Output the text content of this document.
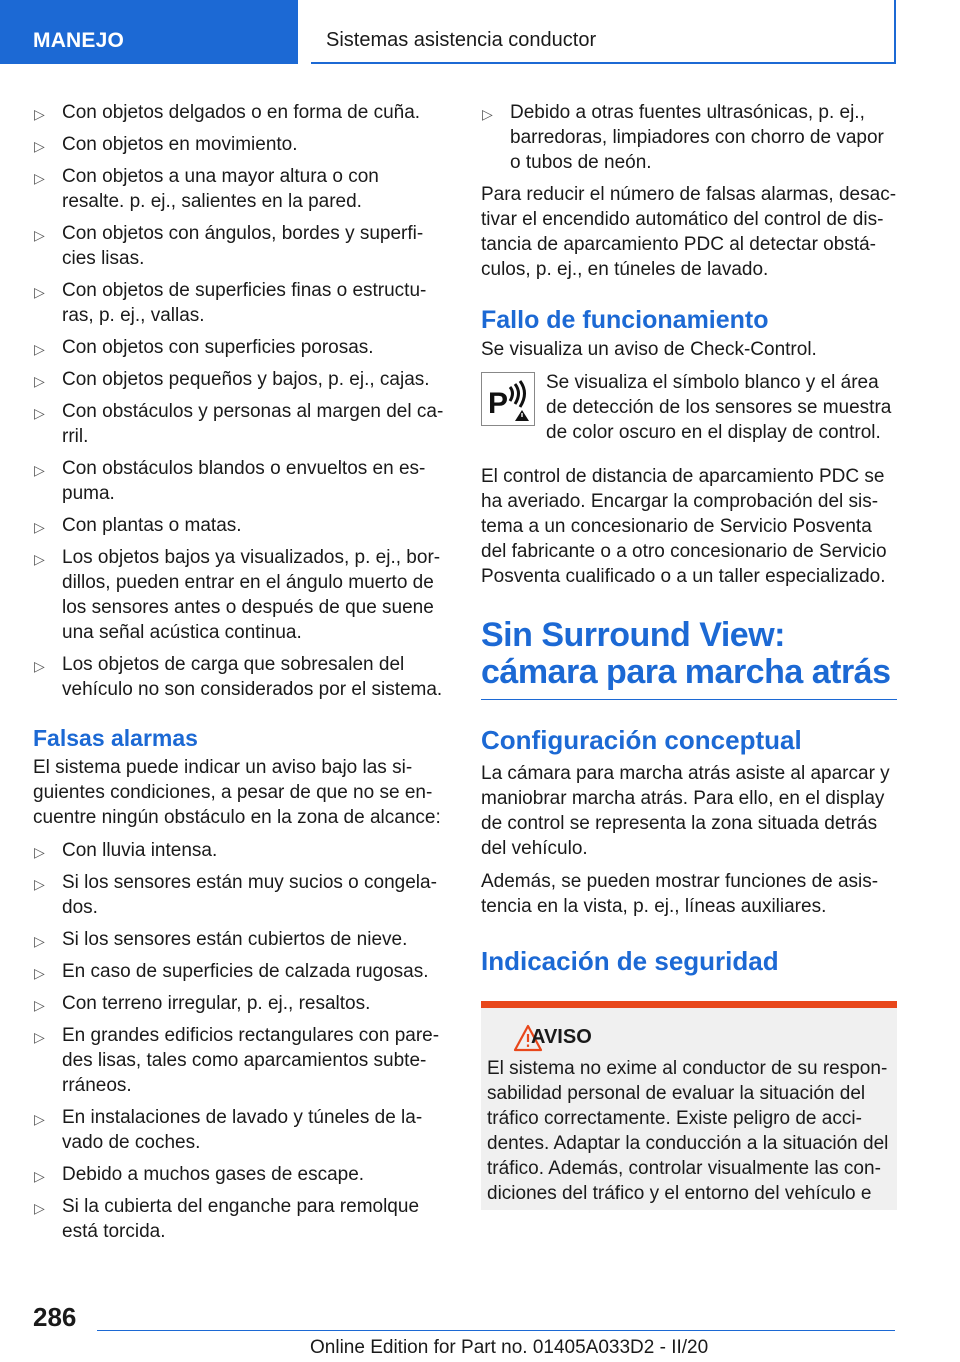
MANEJO	Sistemas asistencia conductor
▷ Con objetos delgados o en forma de cuña.
▷ Con objetos en movimiento.
▷ Con objetos a una mayor altura o con resalte. p. ej., salientes en la pared.
▷ Con objetos con ángulos, bordes y superficies lisas.
▷ Con objetos de superficies finas o estructuras, p. ej., vallas.
▷ Con objetos con superficies porosas.
▷ Con objetos pequeños y bajos, p. ej., cajas.
▷ Con obstáculos y personas al margen del carril.
▷ Con obstáculos blandos o envueltos en espuma.
▷ Con plantas o matas.
▷ Los objetos bajos ya visualizados, p. ej., bordillos, pueden entrar en el ángulo muerto de los sensores antes o después de que suene una señal acústica continua.
▷ Los objetos de carga que sobresalen del vehículo no son considerados por el sistema.
Falsas alarmas

El sistema puede indicar un aviso bajo las siguientes condiciones, a pesar de que no se encuentre ningún obstáculo en la zona de alcance:

▷ Con lluvia intensa.
▷ Si los sensores están muy sucios o congelados.
▷ Si los sensores están cubiertos de nieve.
▷ En caso de superficies de calzada rugosas.
▷ Con terreno irregular, p. ej., resaltos.
▷ En grandes edificios rectangulares con paredes lisas, tales como aparcamientos subterráneos.
▷ En instalaciones de lavado y túneles de lavado de coches.
▷ Debido a muchos gases de escape.
▷ Si la cubierta del enganche para remolque está torcida.
▷ Debido a otras fuentes ultrasónicas, p. ej., barredoras, limpiadores con chorro de vapor o tubos de neón.

Para reducir el número de falsas alarmas, desactivar el encendido automático del control de distancia de aparcamiento PDC al detectar obstáculos, p. ej., en túneles de lavado.

Fallo de funcionamiento

Se visualiza un aviso de Check-Control.

P
Se visualiza el símbolo blanco y el área de detección de los sensores se muestra de color oscuro en el display de control.

El control de distancia de aparcamiento PDC se ha averiado. Encargar la comprobación del sistema a un concesionario de Servicio Posventa del fabricante o a otro concesionario de Servicio Posventa cualificado o a un taller especializado.

Sin Surround View: cámara para marcha atrás
Configuración conceptual

La cámara para marcha atrás asiste al aparcar y maniobrar marcha atrás. Para ello, en el display de control se representa la zona situada detrás del vehículo.

Además, se pueden mostrar funciones de asistencia en la vista, p. ej., líneas auxiliares.

Indicación de seguridad
AVISO

El sistema no exime al conductor de su responsabilidad personal de evaluar la situación del tráfico correctamente. Existe peligro de accidentes. Adaptar la conducción a la situación del tráfico. Además, controlar visualmente las condiciones del tráfico y el entorno del vehículo e

286
Online Edition for Part no. 01405A033D2 - II/20
